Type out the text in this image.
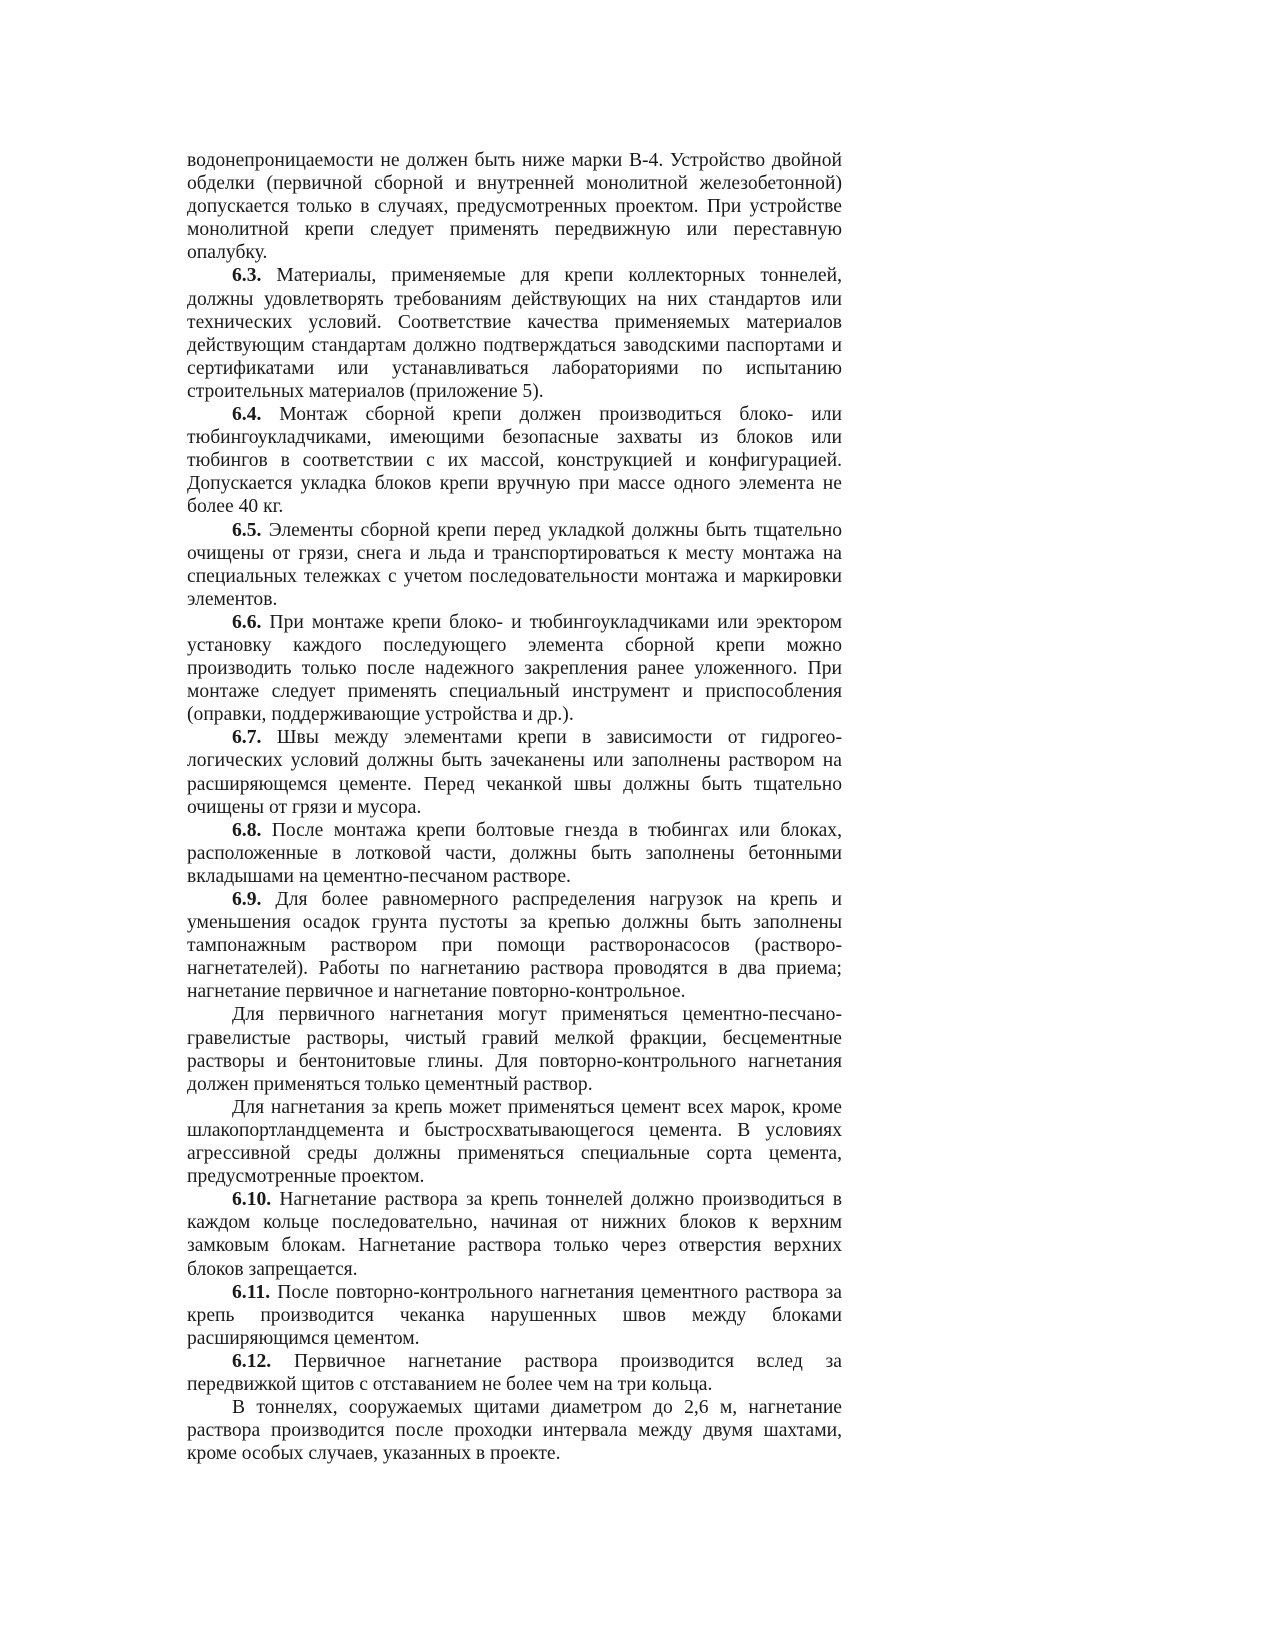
водонепроницаемости не должен быть ниже марки В-4. Устройство двойной обделки (первичной сборной и внутренней монолитной железобетонной) допускается только в случаях, предусмотренных проектом. При устройстве монолитной крепи следует применять передвижную или переставную опалубку.

6.3. Материалы, применяемые для крепи коллекторных тоннелей, должны удовлетворять требованиям действующих на них стандартов или технических условий. Соответствие качества применяемых материалов действующим стандартам должно подтверждаться заводскими паспортами и сертификатами или устанавливаться лабораториями по испытанию строительных материалов (приложение 5).

6.4. Монтаж сборной крепи должен производиться блоко- или тюбингоукладчиками, имеющими безопасные захваты из блоков или тюбингов в соответствии с их массой, конструкцией и конфигурацией. Допускается укладка блоков крепи вручную при массе одного элемента не более 40 кг.

6.5. Элементы сборной крепи перед укладкой должны быть тщательно очищены от грязи, снега и льда и транспортироваться к месту монтажа на специальных тележках с учетом последовательности монтажа и маркировки элементов.

6.6. При монтаже крепи блоко- и тюбингоукладчиками или эректором установку каждого последующего элемента сборной крепи можно производить только после надежного закрепления ранее уложенного. При монтаже следует применять специальный инструмент и приспособления (оправки, поддерживающие устройства и др.).

6.7. Швы между элементами крепи в зависимости от гидрогео-логических условий должны быть зачеканены или заполнены раствором на расширяющемся цементе. Перед чеканкой швы должны быть тщательно очищены от грязи и мусора.

6.8. После монтажа крепи болтовые гнезда в тюбингах или блоках, расположенные в лотковой части, должны быть заполнены бетонными вкладышами на цементно-песчаном растворе.

6.9. Для более равномерного распределения нагрузок на крепь и уменьшения осадок грунта пустоты за крепью должны быть заполнены тампонажным раствором при помощи растворонасосов (растворо-нагнетателей). Работы по нагнетанию раствора проводятся в два приема; нагнетание первичное и нагнетание повторно-контрольное.

Для первичного нагнетания могут применяться цементно-песчано-гравелистые растворы, чистый гравий мелкой фракции, бесцементные растворы и бентонитовые глины. Для повторно-контрольного нагнетания должен применяться только цементный раствор.

Для нагнетания за крепь может применяться цемент всех марок, кроме шлакопортландцемента и быстросхватывающегося цемента. В условиях агрессивной среды должны применяться специальные сорта цемента, предусмотренные проектом.

6.10. Нагнетание раствора за крепь тоннелей должно производиться в каждом кольце последовательно, начиная от нижних блоков к верхним замковым блокам. Нагнетание раствора только через отверстия верхних блоков запрещается.

6.11. После повторно-контрольного нагнетания цементного раствора за крепь производится чеканка нарушенных швов между блоками расширяющимся цементом.

6.12. Первичное нагнетание раствора производится вслед за передвижкой щитов с отставанием не более чем на три кольца.

В тоннелях, сооружаемых щитами диаметром до 2,6 м, нагнетание раствора производится после проходки интервала между двумя шахтами, кроме особых случаев, указанных в проекте.
